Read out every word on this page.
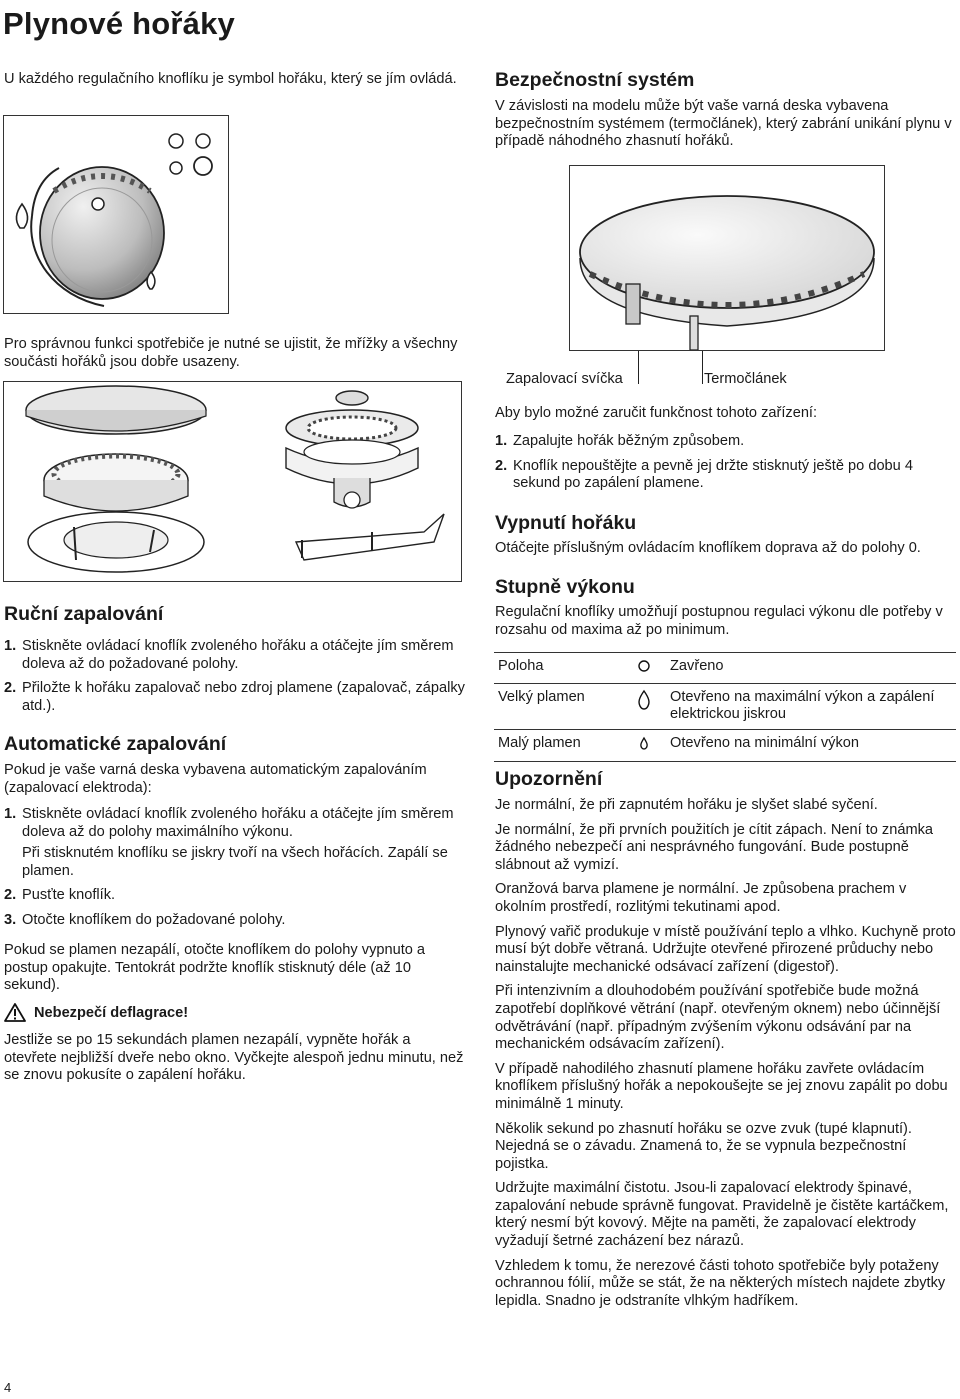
Plynové hořáky

U každého regulačního knoflíku je symbol hořáku, který se jím ovládá.

Pro správnou funkci spotřebiče je nutné se ujistit, že mřížky a všechny součásti hořáků jsou dobře usazeny.

Ruční zapalování
1. Stiskněte ovládací knoflík zvoleného hořáku a otáčejte jím směrem doleva až do požadované polohy.
2. Přiložte k hořáku zapalovač nebo zdroj plamene (zapalovač, zápalky atd.).
Automatické zapalování

Pokud je vaše varná deska vybavena automatickým zapalováním (zapalovací elektroda):

1. Stiskněte ovládací knoflík zvoleného hořáku a otáčejte jím směrem doleva až do polohy maximálního výkonu.
Při stisknutém knoflíku se jiskry tvoří na všech hořácích. Zapálí se plamen.
2. Pusťte knoflík.
3. Otočte knoflíkem do požadované polohy.

Pokud se plamen nezapálí, otočte knoflíkem do polohy vypnuto a postup opakujte. Tentokrát podržte knoflík stisknutý déle (až 10 sekund).

Nebezpečí deflagrace!

Jestliže se po 15 sekundách plamen nezapálí, vypněte hořák a otevřete nejbližší dveře nebo okno. Vyčkejte alespoň jednu minutu, než se znovu pokusíte o zapálení hořáku.

Bezpečnostní systém

V závislosti na modelu může být vaše varná deska vybavena bezpečnostním systémem (termočlánek), který zabrání unikání plynu v případě náhodného zhasnutí hořáků.

Zapalovací svíčka	Termočlánek

Aby bylo možné zaručit funkčnost tohoto zařízení:

1. Zapalujte hořák běžným způsobem.
2. Knoflík nepouštějte a pevně jej držte stisknutý ještě po dobu 4 sekund po zapálení plamene.
Vypnutí hořáku

Otáčejte příslušným ovládacím knoflíkem doprava až do polohy 0.

Stupně výkonu

Regulační knoflíky umožňují postupnou regulaci výkonu dle potřeby v rozsahu od maxima až po minimum.

Poloha		Zavřeno
Velký plamen		Otevřeno na maximální výkon a zapálení elektrickou jiskrou
Malý plamen		Otevřeno na minimální výkon
Upozornění

Je normální, že při zapnutém hořáku je slyšet slabé syčení.

Je normální, že při prvních použitích je cítit zápach. Není to známka žádného nebezpečí ani nesprávného fungování. Bude postupně slábnout až vymizí.

Oranžová barva plamene je normální. Je způsobena prachem v okolním prostředí, rozlitými tekutinami apod.

Plynový vařič produkuje v místě používání teplo a vlhko. Kuchyně proto musí být dobře větraná. Udržujte otevřené přirozené průduchy nebo nainstalujte mechanické odsávací zařízení (digestoř).

Při intenzivním a dlouhodobém používání spotřebiče bude možná zapotřebí doplňkové větrání (např. otevřeným oknem) nebo účinnější odvětrávání (např. případným zvýšením výkonu odsávání par na mechanickém odsávacím zařízení).

V případě nahodilého zhasnutí plamene hořáku zavřete ovládacím knoflíkem příslušný hořák a nepokoušejte se jej znovu zapálit po dobu minimálně 1 minuty.

Několik sekund po zhasnutí hořáku se ozve zvuk (tupé klapnutí). Nejedná se o závadu. Znamená to, že se vypnula bezpečnostní pojistka.

Udržujte maximální čistotu. Jsou-li zapalovací elektrody špinavé, zapalování nebude správně fungovat. Pravidelně je čistěte kartáčkem, který nesmí být kovový. Mějte na paměti, že zapalovací elektrody vyžadují šetrné zacházení bez nárazů.

Vzhledem k tomu, že nerezové části tohoto spotřebiče byly potaženy ochrannou fólií, může se stát, že na některých místech najdete zbytky lepidla. Snadno je odstraníte vlhkým hadříkem.

4
